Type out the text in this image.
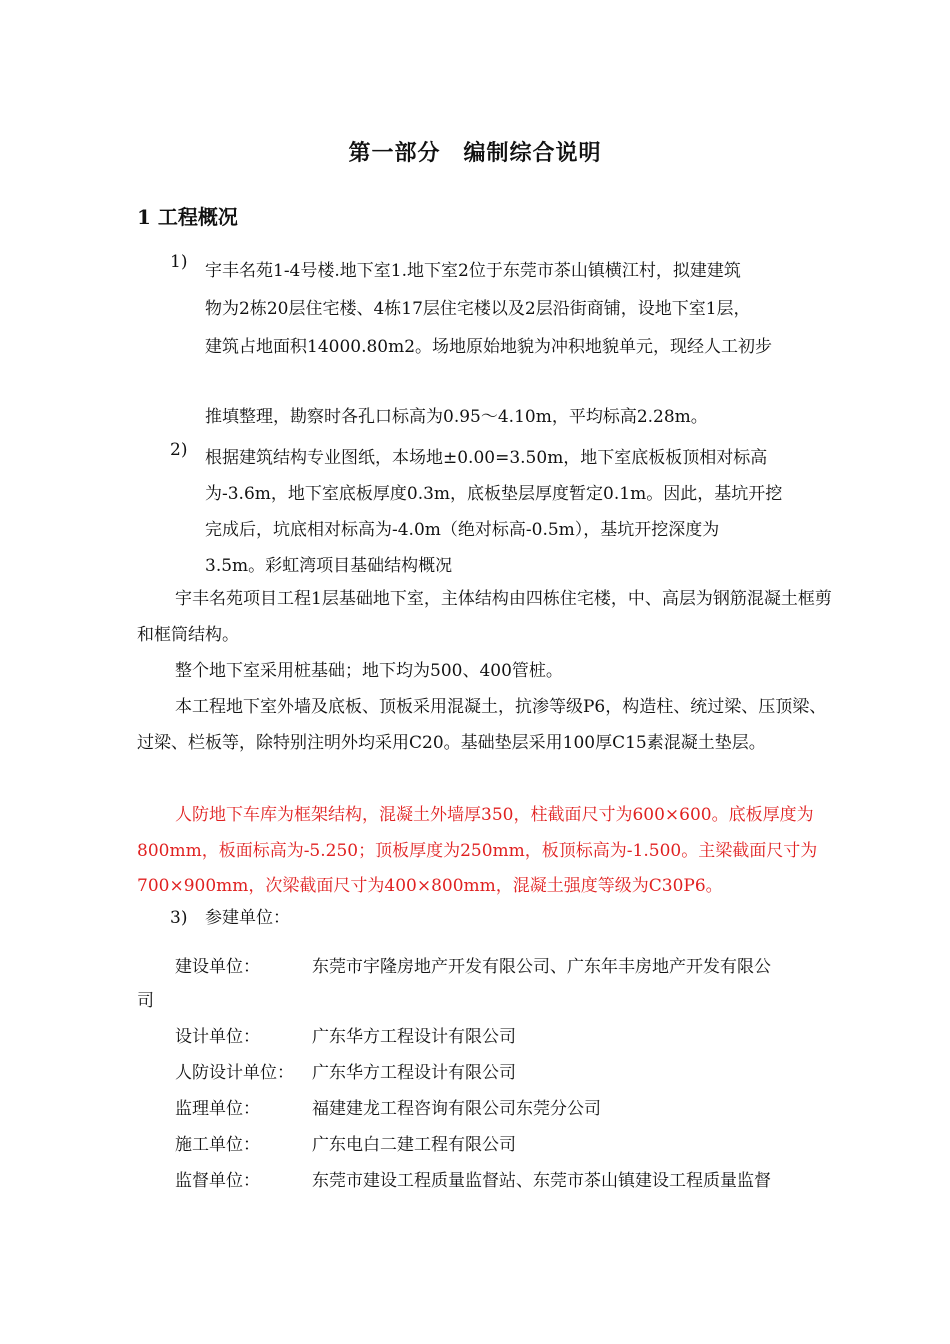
第一部分　编制综合说明
1 工程概况
1) 宇丰名苑1-4号楼.地下室1.地下室2位于东莞市茶山镇横江村，拟建建筑
物为2栋20层住宅楼、4栋17层住宅楼以及2层沿街商铺，设地下室1层，
建筑占地面积14000.80m2。场地原始地貌为冲积地貌单元，现经人工初步
推填整理，勘察时各孔口标高为0.95～4.10m，平均标高2.28m。
2) 根据建筑结构专业图纸，本场地±0.00=3.50m，地下室底板板顶相对标高
为-3.6m，地下室底板厚度0.3m，底板垫层厚度暂定0.1m。因此，基坑开挖
完成后，坑底相对标高为-4.0m（绝对标高-0.5m），基坑开挖深度为
3.5m。彩虹湾项目基础结构概况
宇丰名苑项目工程1层基础地下室，主体结构由四栋住宅楼，中、高层为钢筋混凝土框剪和框筒结构。
整个地下室采用桩基础；地下均为500、400管桩。
本工程地下室外墙及底板、顶板采用混凝土，抗渗等级P6，构造柱、统过梁、压顶梁、过梁、栏板等，除特别注明外均采用C20。基础垫层采用100厚C15素混凝土垫层。
人防地下车库为框架结构，混凝土外墙厚350，柱截面尺寸为600×600。底板厚度为800mm，板面标高为-5.250；顶板厚度为250mm，板顶标高为-1.500。主梁截面尺寸为700×900mm，次梁截面尺寸为400×800mm，混凝土强度等级为C30P6。
3) 参建单位：
建设单位：	东莞市宇隆房地产开发有限公司、广东年丰房地产开发有限公
司
设计单位：	广东华方工程设计有限公司
人防设计单位： 广东华方工程设计有限公司
监理单位：	福建建龙工程咨询有限公司东莞分公司
施工单位：	广东电白二建工程有限公司
监督单位：	东莞市建设工程质量监督站、东莞市茶山镇建设工程质量监督
